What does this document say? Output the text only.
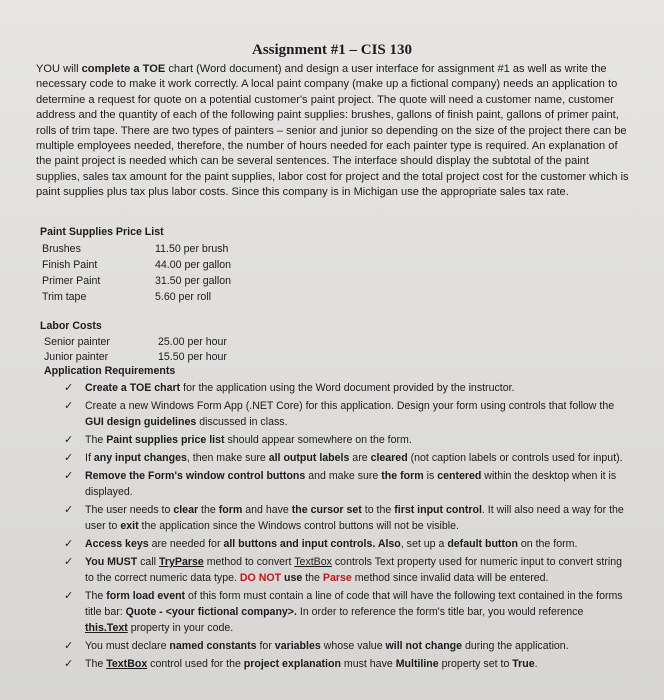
Assignment #1 – CIS 130
YOU will complete a TOE chart (Word document) and design a user interface for assignment #1 as well as write the necessary code to make it work correctly. A local paint company (make up a fictional company) needs an application to determine a request for quote on a potential customer's paint project. The quote will need a customer name, customer address and the quantity of each of the following paint supplies: brushes, gallons of finish paint, gallons of primer paint, rolls of trim tape. There are two types of painters – senior and junior so depending on the size of the project there can be multiple employees needed, therefore, the number of hours needed for each painter type is required. An explanation of the paint project is needed which can be several sentences. The interface should display the subtotal of the paint supplies, sales tax amount for the paint supplies, labor cost for project and the total project cost for the customer which is paint supplies plus tax plus labor costs. Since this company is in Michigan use the appropriate sales tax rate.
Paint Supplies Price List
Brushes	11.50 per brush
Finish Paint	44.00 per gallon
Primer Paint	31.50 per gallon
Trim tape	5.60 per roll
Labor Costs
Senior painter	25.00 per hour
Junior painter	15.50 per hour
Application Requirements
✓ Create a TOE chart for the application using the Word document provided by the instructor.
✓ Create a new Windows Form App (.NET Core) for this application. Design your form using controls that follow the GUI design guidelines discussed in class.
✓ The Paint supplies price list should appear somewhere on the form.
✓ If any input changes, then make sure all output labels are cleared (not caption labels or controls used for input).
✓ Remove the Form's window control buttons and make sure the form is centered within the desktop when it is displayed.
✓ The user needs to clear the form and have the cursor set to the first input control. It will also need a way for the user to exit the application since the Windows control buttons will not be visible.
✓ Access keys are needed for all buttons and input controls. Also, set up a default button on the form.
✓ You MUST call TryParse method to convert TextBox controls Text property used for numeric input to convert string to the correct numeric data type. DO NOT use the Parse method since invalid data will be entered.
✓ The form load event of this form must contain a line of code that will have the following text contained in the forms title bar: Quote - <your fictional company>. In order to reference the form's title bar, you would reference this.Text property in your code.
✓ You must declare named constants for variables whose value will not change during the application.
✓ The TextBox control used for the project explanation must have Multiline property set to True.
